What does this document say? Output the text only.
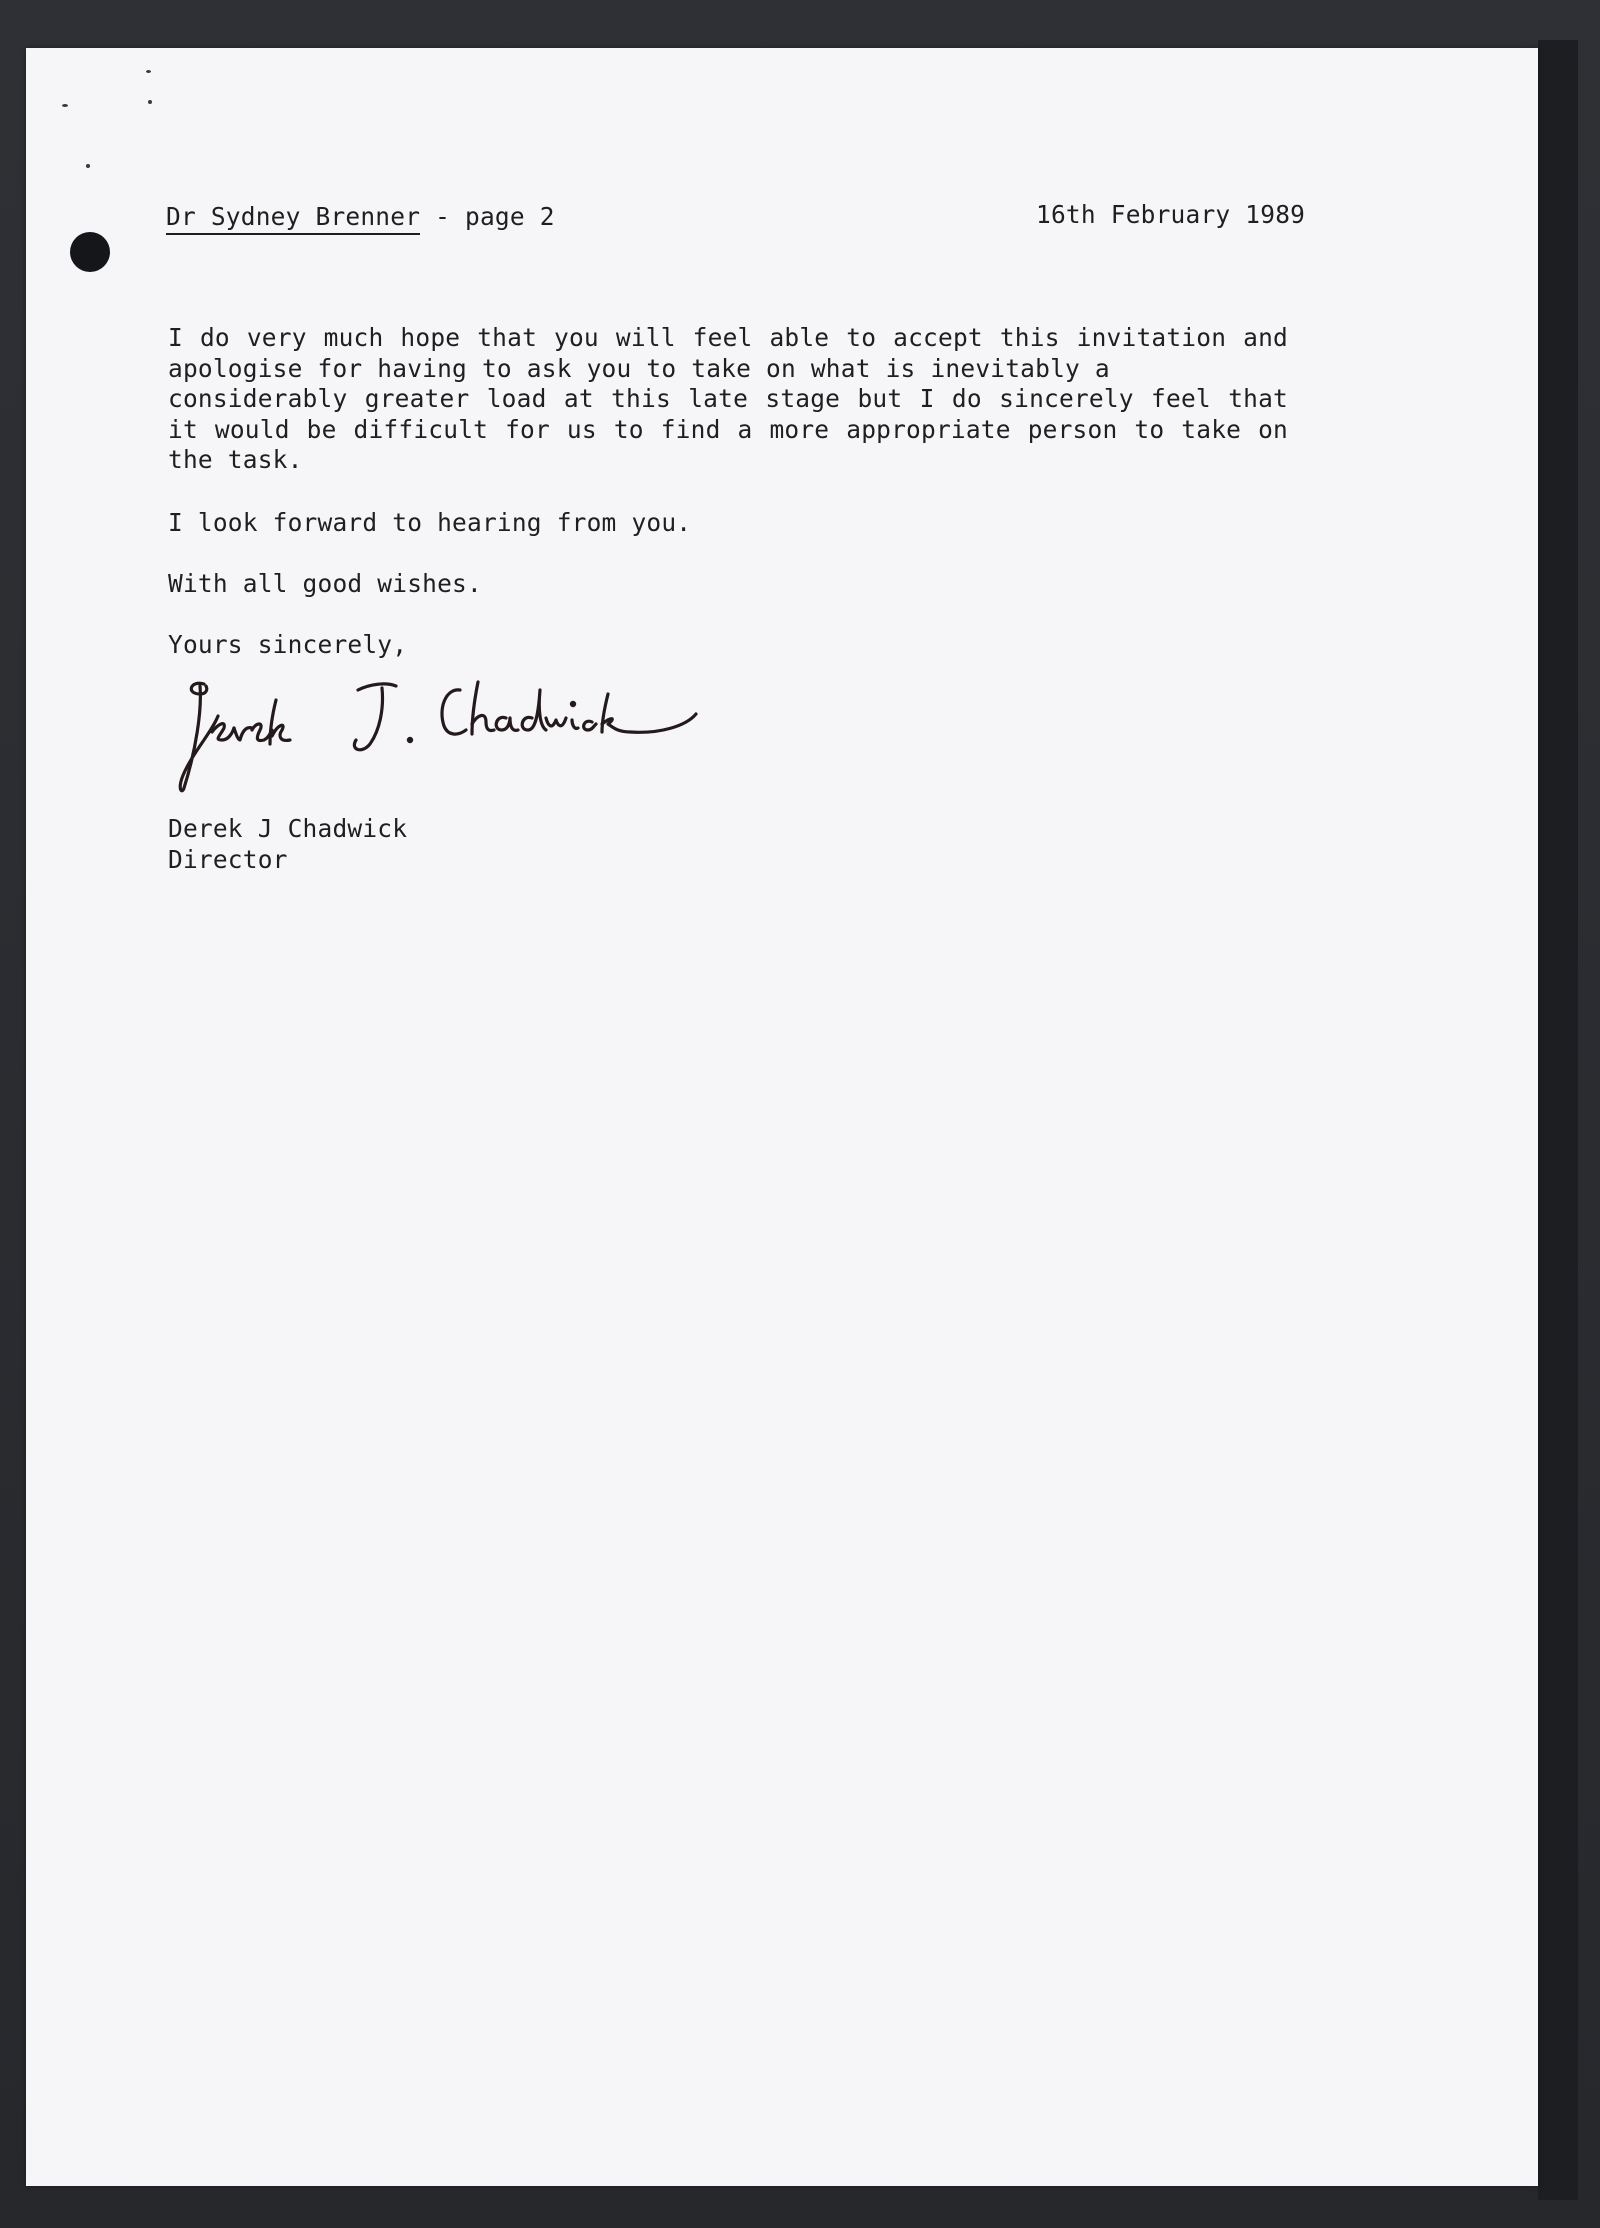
Dr Sydney Brenner - page 2	16th February 1989
I do very much hope that you will feel able to accept this invitation and
apologise for having to ask you to take on what is inevitably a
considerably greater load at this late stage but I do sincerely feel that
it would be difficult for us to find a more appropriate person to take on
the task.
I look forward to hearing from you.
With all good wishes.
Yours sincerely,
Derek J Chadwick
Director
